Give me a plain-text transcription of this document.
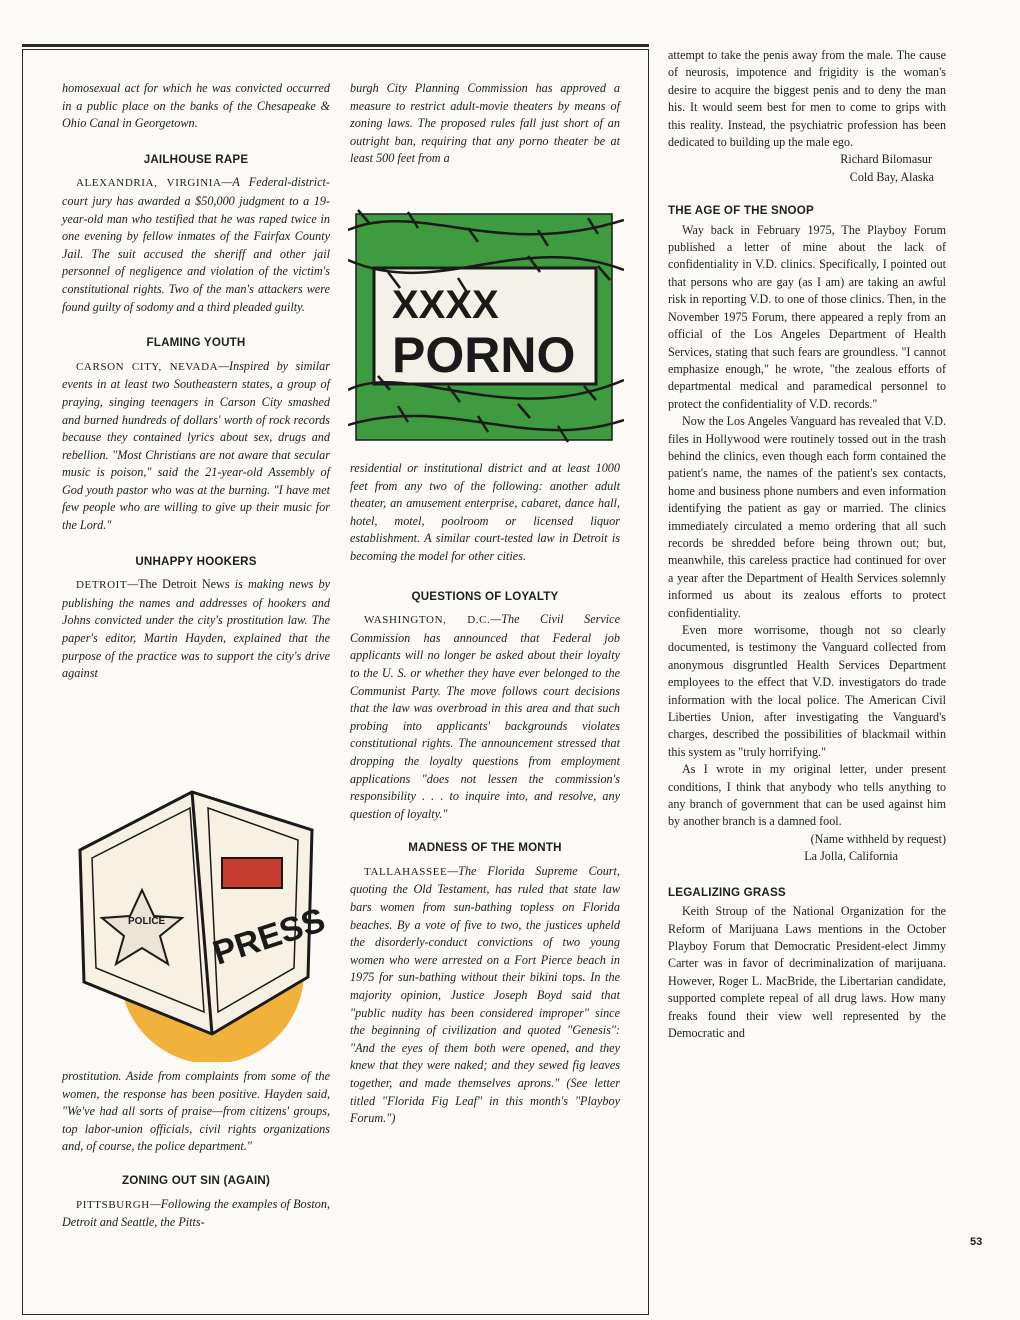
homosexual act for which he was convicted occurred in a public place on the banks of the Chesapeake & Ohio Canal in Georgetown.

JAILHOUSE RAPE

ALEXANDRIA, VIRGINIA—A Federal-district-court jury has awarded a $50,000 judgment to a 19-year-old man who testified that he was raped twice in one evening by fellow inmates of the Fairfax County Jail. The suit accused the sheriff and other jail personnel of negligence and violation of the victim's constitutional rights. Two of the man's attackers were found guilty of sodomy and a third pleaded guilty.

FLAMING YOUTH

CARSON CITY, NEVADA—Inspired by similar events in at least two Southeastern states, a group of praying, singing teenagers in Carson City smashed and burned hundreds of dollars' worth of rock records because they contained lyrics about sex, drugs and rebellion. "Most Christians are not aware that secular music is poison," said the 21-year-old Assembly of God youth pastor who was at the burning. "I have met few people who are willing to give up their music for the Lord."

UNHAPPY HOOKERS

DETROIT—The Detroit News is making news by publishing the names and addresses of hookers and Johns convicted under the city's prostitution law. The paper's editor, Martin Hayden, explained that the purpose of the practice was to support the city's drive against

POLICE PRESS

prostitution. Aside from complaints from some of the women, the response has been positive. Hayden said, "We've had all sorts of praise—from citizens' groups, top labor-union officials, civil rights organizations and, of course, the police department."

ZONING OUT SIN (AGAIN)

PITTSBURGH—Following the examples of Boston, Detroit and Seattle, the Pitts-

burgh City Planning Commission has approved a measure to restrict adult-movie theaters by means of zoning laws. The proposed rules fall just short of an outright ban, requiring that any porno theater be at least 500 feet from a

XXXX
PORNO

residential or institutional district and at least 1000 feet from any two of the following: another adult theater, an amusement enterprise, cabaret, dance hall, hotel, motel, poolroom or licensed liquor establishment. A similar court-tested law in Detroit is becoming the model for other cities.

QUESTIONS OF LOYALTY

WASHINGTON, D.C.—The Civil Service Commission has announced that Federal job applicants will no longer be asked about their loyalty to the U. S. or whether they have ever belonged to the Communist Party. The move follows court decisions that the law was overbroad in this area and that such probing into applicants' backgrounds violates constitutional rights. The announcement stressed that dropping the loyalty questions from employment applications "does not lessen the commission's responsibility . . . to inquire into, and resolve, any question of loyalty."

MADNESS OF THE MONTH

TALLAHASSEE—The Florida Supreme Court, quoting the Old Testament, has ruled that state law bars women from sun-bathing topless on Florida beaches. By a vote of five to two, the justices upheld the disorderly-conduct convictions of two young women who were arrested on a Fort Pierce beach in 1975 for sun-bathing without their bikini tops. In the majority opinion, Justice Joseph Boyd said that "public nudity has been considered improper" since the beginning of civilization and quoted "Genesis": "And the eyes of them both were opened, and they knew that they were naked; and they sewed fig leaves together, and made themselves aprons." (See letter titled "Florida Fig Leaf" in this month's "Playboy Forum.")

attempt to take the penis away from the male. The cause of neurosis, impotence and frigidity is the woman's desire to acquire the biggest penis and to deny the man his. It would seem best for men to come to grips with this reality. Instead, the psychiatric profession has been dedicated to building up the male ego.

Richard Bilomasur
Cold Bay, Alaska
THE AGE OF THE SNOOP

Way back in February 1975, The Playboy Forum published a letter of mine about the lack of confidentiality in V.D. clinics. Specifically, I pointed out that persons who are gay (as I am) are taking an awful risk in reporting V.D. to one of those clinics. Then, in the November 1975 Forum, there appeared a reply from an official of the Los Angeles Department of Health Services, stating that such fears are groundless. "I cannot emphasize enough," he wrote, "the zealous efforts of departmental medical and paramedical personnel to protect the confidentiality of V.D. records."

Now the Los Angeles Vanguard has revealed that V.D. files in Hollywood were routinely tossed out in the trash behind the clinics, even though each form contained the patient's name, the names of the patient's sex contacts, home and business phone numbers and even information identifying the patient as gay or married. The clinics immediately circulated a memo ordering that all such records be shredded before being thrown out; but, meanwhile, this careless practice had continued for over a year after the Department of Health Services solemnly informed us about its zealous efforts to protect confidentiality.

Even more worrisome, though not so clearly documented, is testimony the Vanguard collected from anonymous disgruntled Health Services Department employees to the effect that V.D. investigators do trade information with the local police. The American Civil Liberties Union, after investigating the Vanguard's charges, described the possibilities of blackmail within this system as "truly horrifying."

As I wrote in my original letter, under present conditions, I think that anybody who tells anything to any branch of government that can be used against him by another branch is a damned fool.

(Name withheld by request)
La Jolla, California
LEGALIZING GRASS

Keith Stroup of the National Organization for the Reform of Marijuana Laws mentions in the October Playboy Forum that Democratic President-elect Jimmy Carter was in favor of decriminalization of marijuana. However, Roger L. MacBride, the Libertarian candidate, supported complete repeal of all drug laws. How many freaks found their view well represented by the Democratic and

53
